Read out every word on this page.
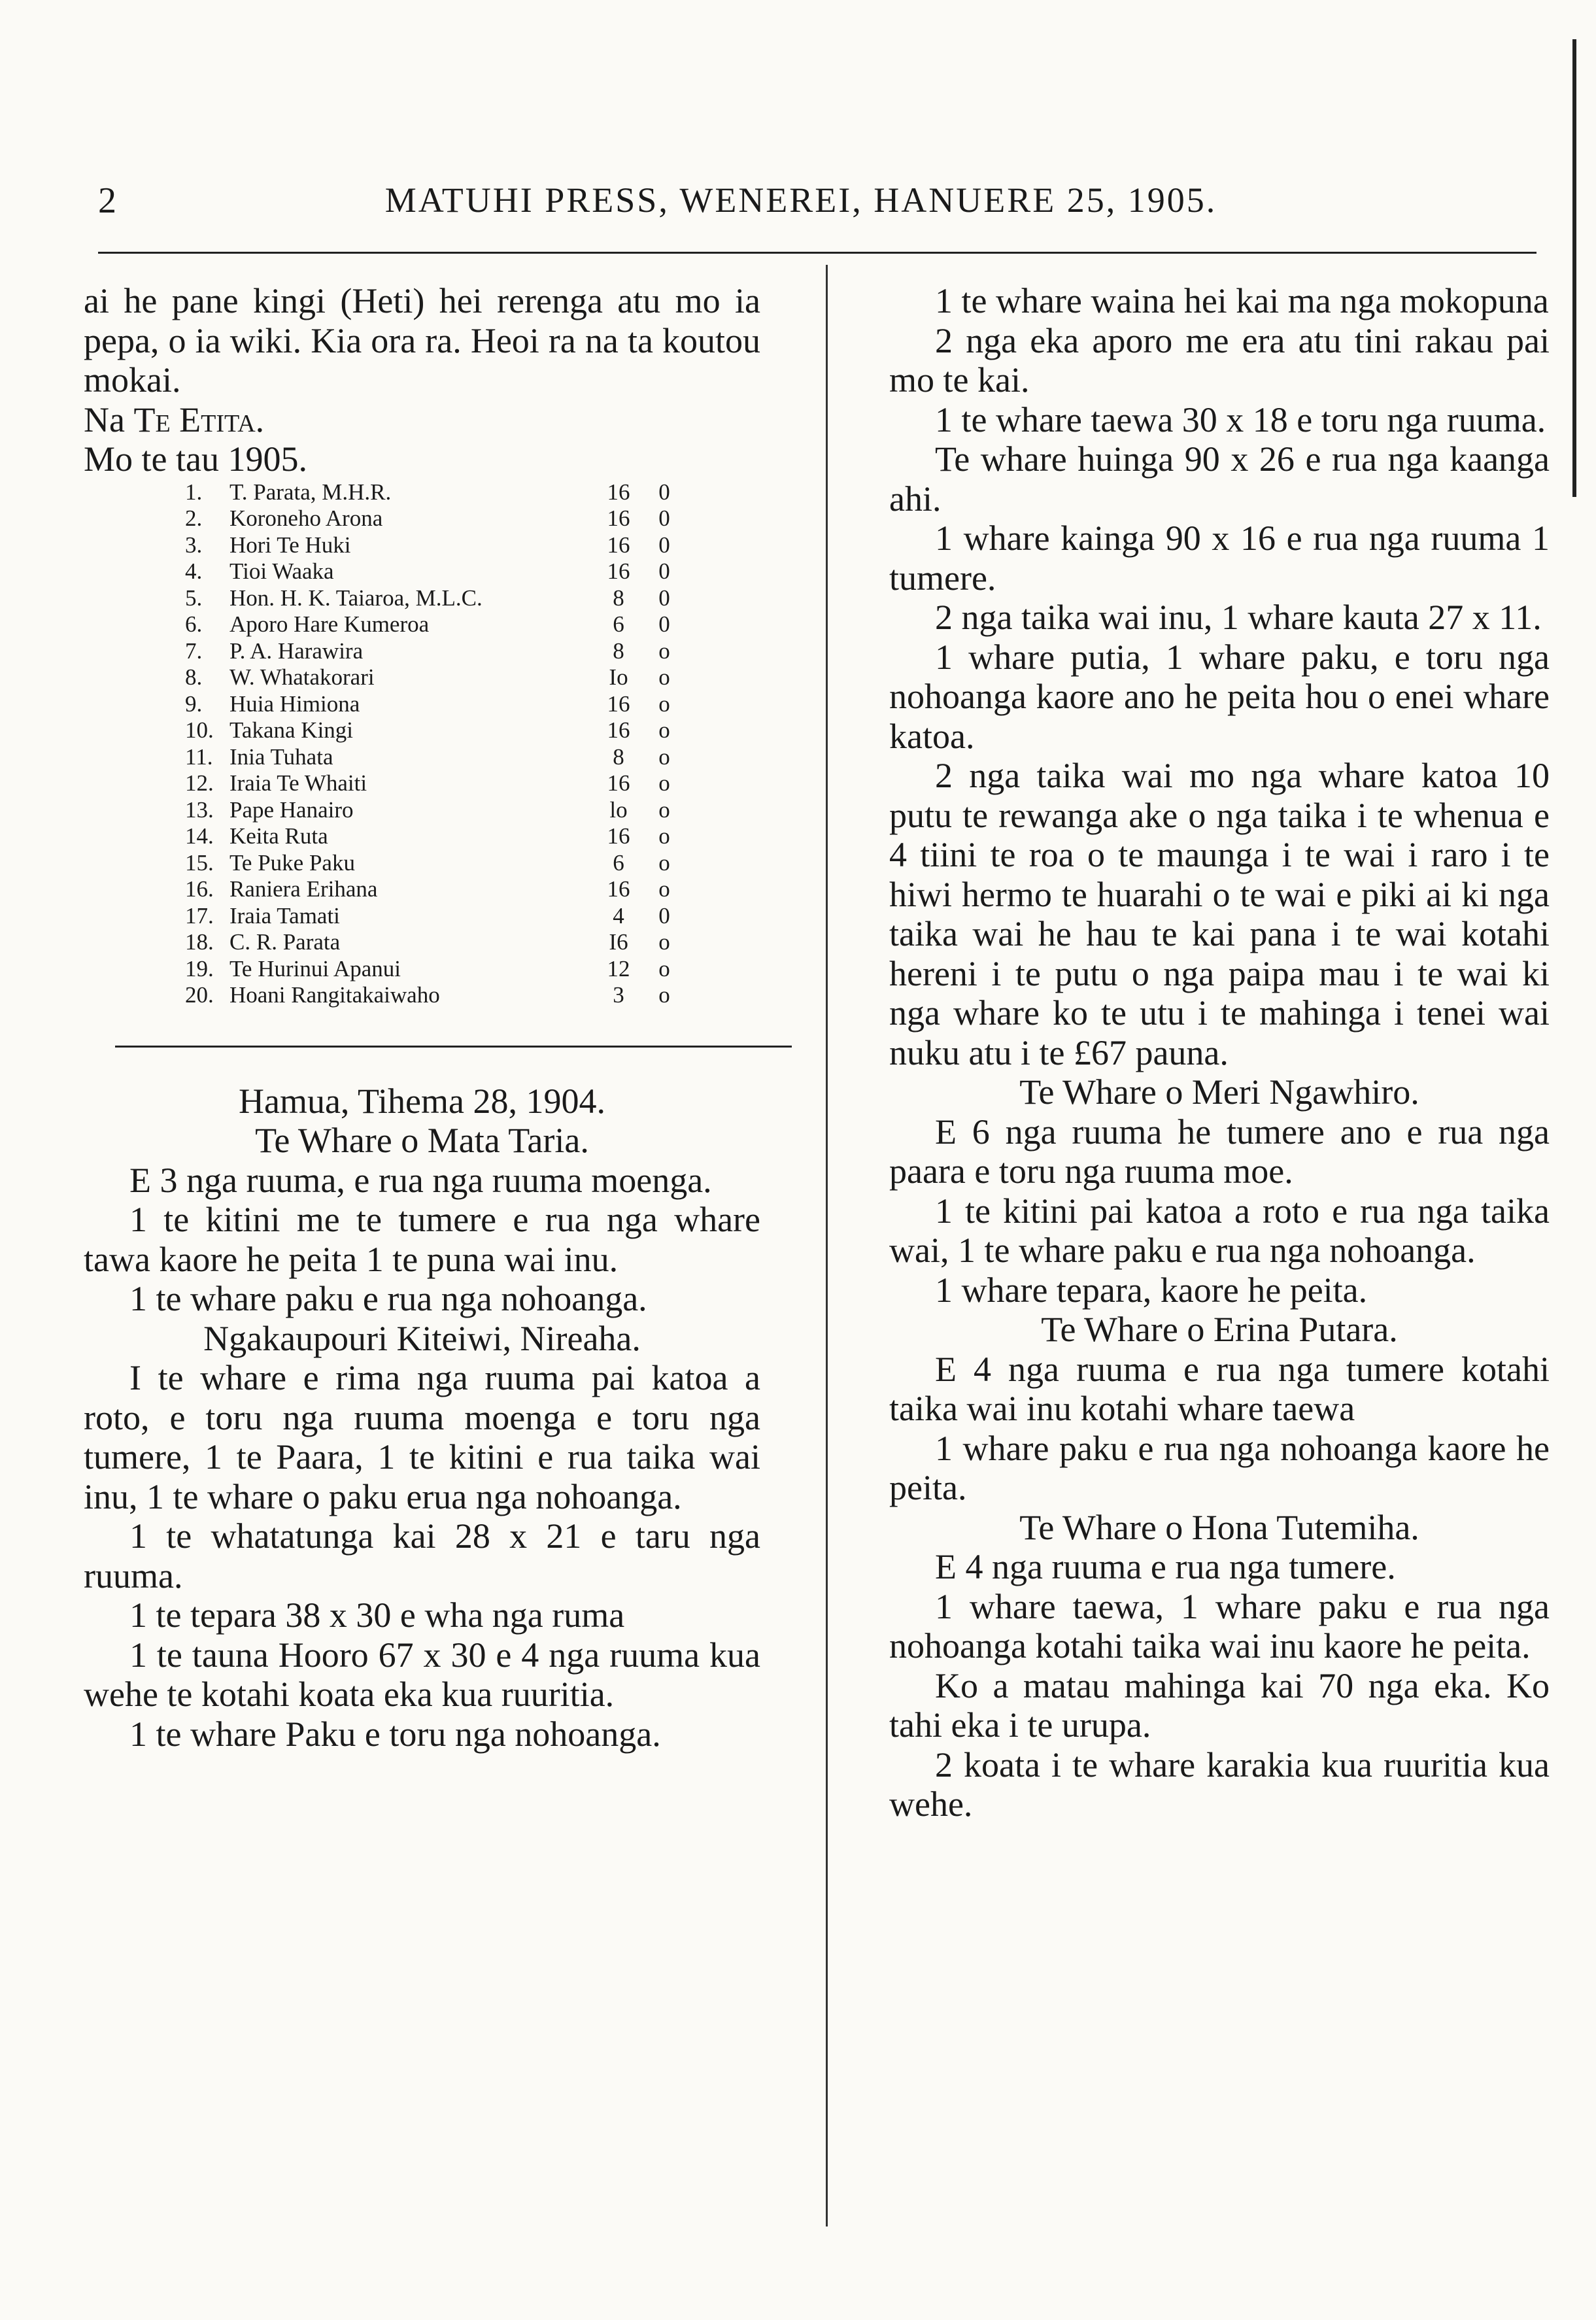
2	MATUHI PRESS, WENEREI, HANUERE 25, 1905.

ai he pane kingi (Heti) hei rerenga atu mo ia pepa, o ia wiki. Kia ora ra. Heoi ra na ta koutou mokai.

Na Te Etita.

Mo te tau 1905.

1.	T. Parata, M.H.R.	16	0
2.	Koroneho Arona	16	0
3.	Hori Te Huki	16	0
4.	Tioi Waaka	16	0
5.	Hon. H. K. Taiaroa, M.L.C.	8	0
6.	Aporo Hare Kumeroa	6	0
7.	P. A. Harawira	8	o
8.	W. Whatakorari	Io	o
9.	Huia Himiona	16	o
10.	Takana Kingi	16	o
11.	Inia Tuhata	8	o
12.	Iraia Te Whaiti	16	o
13.	Pape Hanairo	lo	o
14.	Keita Ruta	16	o
15.	Te Puke Paku	6	o
16.	Raniera Erihana	16	o
17.	Iraia Tamati	4	0
18.	C. R. Parata	I6	o
19.	Te Hurinui Apanui	12	o
20.	Hoani Rangitakaiwaho	3	o

Hamua, Tihema 28, 1904.

Te Whare o Mata Taria.

E 3 nga ruuma, e rua nga ruuma moenga.

1 te kitini me te tumere e rua nga whare tawa kaore he peita 1 te puna wai inu.

1 te whare paku e rua nga nohoanga.

Ngakaupouri Kiteiwi, Nireaha.

I te whare e rima nga ruuma pai katoa a roto, e toru nga ruuma moenga e toru nga tumere, 1 te Paara, 1 te kitini e rua taika wai inu, 1 te whare o paku erua nga nohoanga.

1 te whatatunga kai 28 x 21 e taru nga ruuma.

1 te tepara 38 x 30 e wha nga ruma

1 te tauna Hooro 67 x 30 e 4 nga ruuma kua wehe te kotahi koata eka kua ruuritia.

1 te whare Paku e toru nga nohoanga.

1 te whare waina hei kai ma nga mokopuna

2 nga eka aporo me era atu tini rakau pai mo te kai.

1 te whare taewa 30 x 18 e toru nga ruuma.

Te whare huinga 90 x 26 e rua nga kaanga ahi.

1 whare kainga 90 x 16 e rua nga ruuma 1 tumere.

2 nga taika wai inu, 1 whare kauta 27 x 11.

1 whare putia, 1 whare paku, e toru nga nohoanga kaore ano he peita hou o enei whare katoa.

2 nga taika wai mo nga whare katoa 10 putu te rewanga ake o nga taika i te whenua e 4 tiini te roa o te maunga i te wai i raro i te hiwi hermo te huarahi o te wai e piki ai ki nga taika wai he hau te kai pana i te wai kotahi hereni i te putu o nga paipa mau i te wai ki nga whare ko te utu i te mahinga i tenei wai nuku atu i te £67 pauna.

Te Whare o Meri Ngawhiro.

E 6 nga ruuma he tumere ano e rua nga paara e toru nga ruuma moe.

1 te kitini pai katoa a roto e rua nga taika wai, 1 te whare paku e rua nga nohoanga.

1 whare tepara, kaore he peita.

Te Whare o Erina Putara.

E 4 nga ruuma e rua nga tumere kotahi taika wai inu kotahi whare taewa

1 whare paku e rua nga nohoanga kaore he peita.

Te Whare o Hona Tutemiha.

E 4 nga ruuma e rua nga tumere.

1 whare taewa, 1 whare paku e rua nga nohoanga kotahi taika wai inu kaore he peita.

Ko a matau mahinga kai 70 nga eka. Ko tahi eka i te urupa.

2 koata i te whare karakia kua ruuritia kua wehe.
